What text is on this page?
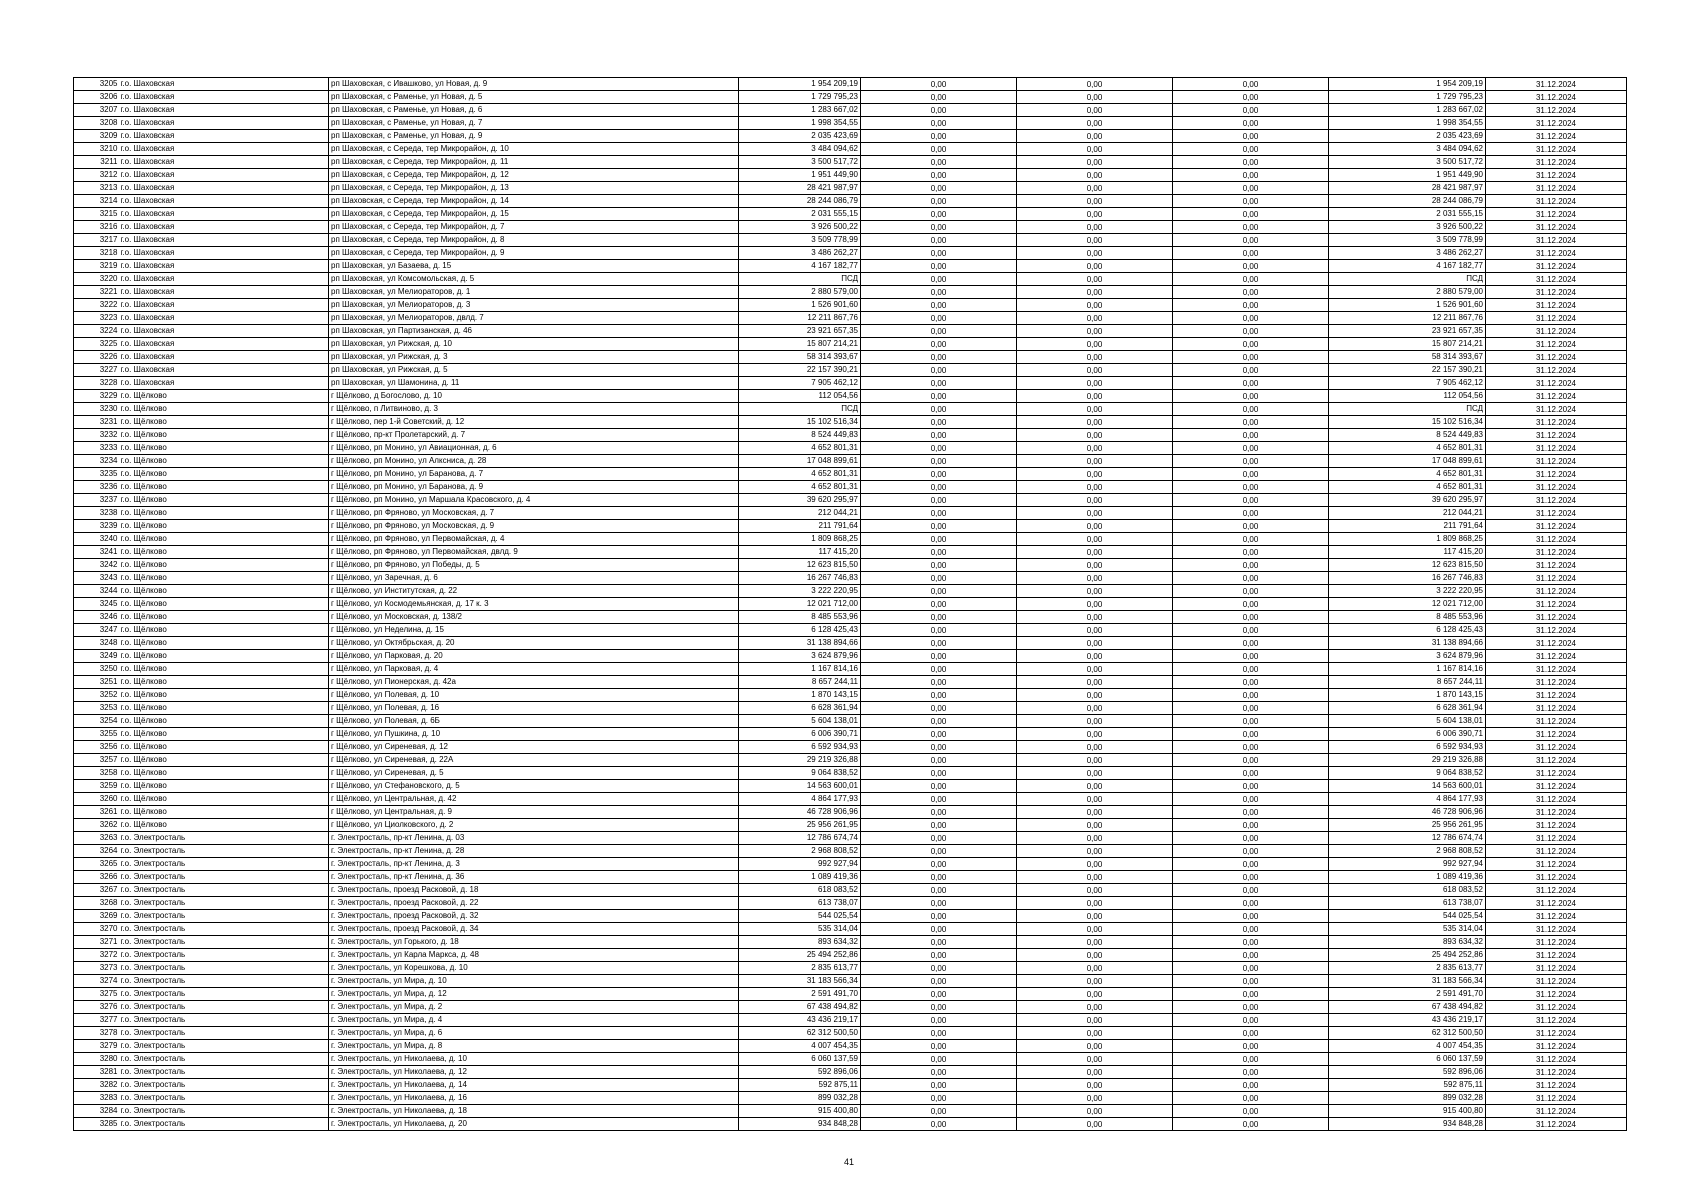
3205	г.о. Шаховская	рп Шаховская, с Ивашково, ул Новая, д. 9	1 954 209,19	0,00	0,00	0,00	1 954 209,19	31.12.2024
3206	г.о. Шаховская	рп Шаховская, с Раменье, ул Новая, д. 5	1 729 795,23	0,00	0,00	0,00	1 729 795,23	31.12.2024
3207	г.о. Шаховская	рп Шаховская, с Раменье, ул Новая, д. 6	1 283 667,02	0,00	0,00	0,00	1 283 667,02	31.12.2024
3208	г.о. Шаховская	рп Шаховская, с Раменье, ул Новая, д. 7	1 998 354,55	0,00	0,00	0,00	1 998 354,55	31.12.2024
3209	г.о. Шаховская	рп Шаховская, с Раменье, ул Новая, д. 9	2 035 423,69	0,00	0,00	0,00	2 035 423,69	31.12.2024
3210	г.о. Шаховская	рп Шаховская, с Середа, тер Микрорайон, д. 10	3 484 094,62	0,00	0,00	0,00	3 484 094,62	31.12.2024
3211	г.о. Шаховская	рп Шаховская, с Середа, тер Микрорайон, д. 11	3 500 517,72	0,00	0,00	0,00	3 500 517,72	31.12.2024
3212	г.о. Шаховская	рп Шаховская, с Середа, тер Микрорайон, д. 12	1 951 449,90	0,00	0,00	0,00	1 951 449,90	31.12.2024
3213	г.о. Шаховская	рп Шаховская, с Середа, тер Микрорайон, д. 13	28 421 987,97	0,00	0,00	0,00	28 421 987,97	31.12.2024
3214	г.о. Шаховская	рп Шаховская, с Середа, тер Микрорайон, д. 14	28 244 086,79	0,00	0,00	0,00	28 244 086,79	31.12.2024
3215	г.о. Шаховская	рп Шаховская, с Середа, тер Микрорайон, д. 15	2 031 555,15	0,00	0,00	0,00	2 031 555,15	31.12.2024
3216	г.о. Шаховская	рп Шаховская, с Середа, тер Микрорайон, д. 7	3 926 500,22	0,00	0,00	0,00	3 926 500,22	31.12.2024
3217	г.о. Шаховская	рп Шаховская, с Середа, тер Микрорайон, д. 8	3 509 778,99	0,00	0,00	0,00	3 509 778,99	31.12.2024
3218	г.о. Шаховская	рп Шаховская, с Середа, тер Микрорайон, д. 9	3 486 262,27	0,00	0,00	0,00	3 486 262,27	31.12.2024
3219	г.о. Шаховская	рп Шаховская, ул Базаева, д. 15	4 167 182,77	0,00	0,00	0,00	4 167 182,77	31.12.2024
3220	г.о. Шаховская	рп Шаховская, ул Комсомольская, д. 5	ПСД	0,00	0,00	0,00	ПСД	31.12.2024
3221	г.о. Шаховская	рп Шаховская, ул Мелиораторов, д. 1	2 880 579,00	0,00	0,00	0,00	2 880 579,00	31.12.2024
3222	г.о. Шаховская	рп Шаховская, ул Мелиораторов, д. 3	1 526 901,60	0,00	0,00	0,00	1 526 901,60	31.12.2024
3223	г.о. Шаховская	рп Шаховская, ул Мелиораторов, двлд. 7	12 211 867,76	0,00	0,00	0,00	12 211 867,76	31.12.2024
3224	г.о. Шаховская	рп Шаховская, ул Партизанская, д. 46	23 921 657,35	0,00	0,00	0,00	23 921 657,35	31.12.2024
3225	г.о. Шаховская	рп Шаховская, ул Рижская, д. 10	15 807 214,21	0,00	0,00	0,00	15 807 214,21	31.12.2024
3226	г.о. Шаховская	рп Шаховская, ул Рижская, д. 3	58 314 393,67	0,00	0,00	0,00	58 314 393,67	31.12.2024
3227	г.о. Шаховская	рп Шаховская, ул Рижская, д. 5	22 157 390,21	0,00	0,00	0,00	22 157 390,21	31.12.2024
3228	г.о. Шаховская	рп Шаховская, ул Шамонина, д. 11	7 905 462,12	0,00	0,00	0,00	7 905 462,12	31.12.2024
3229	г.о. Щёлково	г Щёлково, д Богослово, д. 10	112 054,56	0,00	0,00	0,00	112 054,56	31.12.2024
3230	г.о. Щёлково	г Щёлково, п Литвиново, д. 3	ПСД	0,00	0,00	0,00	ПСД	31.12.2024
3231	г.о. Щёлково	г Щёлково, пер 1-й Советский, д. 12	15 102 516,34	0,00	0,00	0,00	15 102 516,34	31.12.2024
3232	г.о. Щёлково	г Щёлково, пр-кт Пролетарский, д. 7	8 524 449,83	0,00	0,00	0,00	8 524 449,83	31.12.2024
3233	г.о. Щёлково	г Щёлково, рп Монино, ул Авиационная, д. 6	4 652 801,31	0,00	0,00	0,00	4 652 801,31	31.12.2024
3234	г.о. Щёлково	г Щёлково, рп Монино, ул Алксниса, д. 28	17 048 899,61	0,00	0,00	0,00	17 048 899,61	31.12.2024
3235	г.о. Щёлково	г Щёлково, рп Монино, ул Баранова, д. 7	4 652 801,31	0,00	0,00	0,00	4 652 801,31	31.12.2024
3236	г.о. Щёлково	г Щёлково, рп Монино, ул Баранова, д. 9	4 652 801,31	0,00	0,00	0,00	4 652 801,31	31.12.2024
3237	г.о. Щёлково	г Щёлково, рп Монино, ул Маршала Красовского, д. 4	39 620 295,97	0,00	0,00	0,00	39 620 295,97	31.12.2024
3238	г.о. Щёлково	г Щёлково, рп Фряново, ул Московская, д. 7	212 044,21	0,00	0,00	0,00	212 044,21	31.12.2024
3239	г.о. Щёлково	г Щёлково, рп Фряново, ул Московская, д. 9	211 791,64	0,00	0,00	0,00	211 791,64	31.12.2024
3240	г.о. Щёлково	г Щёлково, рп Фряново, ул Первомайская, д. 4	1 809 868,25	0,00	0,00	0,00	1 809 868,25	31.12.2024
3241	г.о. Щёлково	г Щёлково, рп Фряново, ул Первомайская, двлд. 9	117 415,20	0,00	0,00	0,00	117 415,20	31.12.2024
3242	г.о. Щёлково	г Щёлково, рп Фряново, ул Победы, д. 5	12 623 815,50	0,00	0,00	0,00	12 623 815,50	31.12.2024
3243	г.о. Щёлково	г Щёлково, ул Заречная, д. 6	16 267 746,83	0,00	0,00	0,00	16 267 746,83	31.12.2024
3244	г.о. Щёлково	г Щёлково, ул Институтская, д. 22	3 222 220,95	0,00	0,00	0,00	3 222 220,95	31.12.2024
3245	г.о. Щёлково	г Щёлково, ул Космодемьянская, д. 17 к. 3	12 021 712,00	0,00	0,00	0,00	12 021 712,00	31.12.2024
3246	г.о. Щёлково	г Щёлково, ул Московская, д. 138/2	8 485 553,96	0,00	0,00	0,00	8 485 553,96	31.12.2024
3247	г.о. Щёлково	г Щёлково, ул Неделина, д. 15	6 128 425,43	0,00	0,00	0,00	6 128 425,43	31.12.2024
3248	г.о. Щёлково	г Щёлково, ул Октябрьская, д. 20	31 138 894,66	0,00	0,00	0,00	31 138 894,66	31.12.2024
3249	г.о. Щёлково	г Щёлково, ул Парковая, д. 20	3 624 879,96	0,00	0,00	0,00	3 624 879,96	31.12.2024
3250	г.о. Щёлково	г Щёлково, ул Парковая, д. 4	1 167 814,16	0,00	0,00	0,00	1 167 814,16	31.12.2024
3251	г.о. Щёлково	г Щёлково, ул Пионерская, д. 42а	8 657 244,11	0,00	0,00	0,00	8 657 244,11	31.12.2024
3252	г.о. Щёлково	г Щёлково, ул Полевая, д. 10	1 870 143,15	0,00	0,00	0,00	1 870 143,15	31.12.2024
3253	г.о. Щёлково	г Щёлково, ул Полевая, д. 16	6 628 361,94	0,00	0,00	0,00	6 628 361,94	31.12.2024
3254	г.о. Щёлково	г Щёлково, ул Полевая, д. 6Б	5 604 138,01	0,00	0,00	0,00	5 604 138,01	31.12.2024
3255	г.о. Щёлково	г Щёлково, ул Пушкина, д. 10	6 006 390,71	0,00	0,00	0,00	6 006 390,71	31.12.2024
3256	г.о. Щёлково	г Щёлково, ул Сиреневая, д. 12	6 592 934,93	0,00	0,00	0,00	6 592 934,93	31.12.2024
3257	г.о. Щёлково	г Щёлково, ул Сиреневая, д. 22А	29 219 326,88	0,00	0,00	0,00	29 219 326,88	31.12.2024
3258	г.о. Щёлково	г Щёлково, ул Сиреневая, д. 5	9 064 838,52	0,00	0,00	0,00	9 064 838,52	31.12.2024
3259	г.о. Щёлково	г Щёлково, ул Стефановского, д. 5	14 563 600,01	0,00	0,00	0,00	14 563 600,01	31.12.2024
3260	г.о. Щёлково	г Щёлково, ул Центральная, д. 42	4 864 177,93	0,00	0,00	0,00	4 864 177,93	31.12.2024
3261	г.о. Щёлково	г Щёлково, ул Центральная, д. 9	46 728 906,96	0,00	0,00	0,00	46 728 906,96	31.12.2024
3262	г.о. Щёлково	г Щёлково, ул Циолковского, д. 2	25 956 261,95	0,00	0,00	0,00	25 956 261,95	31.12.2024
3263	г.о. Электросталь	г. Электросталь, пр-кт Ленина, д. 03	12 786 674,74	0,00	0,00	0,00	12 786 674,74	31.12.2024
3264	г.о. Электросталь	г. Электросталь, пр-кт Ленина, д. 28	2 968 808,52	0,00	0,00	0,00	2 968 808,52	31.12.2024
3265	г.о. Электросталь	г. Электросталь, пр-кт Ленина, д. 3	992 927,94	0,00	0,00	0,00	992 927,94	31.12.2024
3266	г.о. Электросталь	г. Электросталь, пр-кт Ленина, д. 36	1 089 419,36	0,00	0,00	0,00	1 089 419,36	31.12.2024
3267	г.о. Электросталь	г. Электросталь, проезд Расковой, д. 18	618 083,52	0,00	0,00	0,00	618 083,52	31.12.2024
3268	г.о. Электросталь	г. Электросталь, проезд Расковой, д. 22	613 738,07	0,00	0,00	0,00	613 738,07	31.12.2024
3269	г.о. Электросталь	г. Электросталь, проезд Расковой, д. 32	544 025,54	0,00	0,00	0,00	544 025,54	31.12.2024
3270	г.о. Электросталь	г. Электросталь, проезд Расковой, д. 34	535 314,04	0,00	0,00	0,00	535 314,04	31.12.2024
3271	г.о. Электросталь	г. Электросталь, ул Горького, д. 18	893 634,32	0,00	0,00	0,00	893 634,32	31.12.2024
3272	г.о. Электросталь	г. Электросталь, ул Карла Маркса, д. 48	25 494 252,86	0,00	0,00	0,00	25 494 252,86	31.12.2024
3273	г.о. Электросталь	г. Электросталь, ул Корешкова, д. 10	2 835 613,77	0,00	0,00	0,00	2 835 613,77	31.12.2024
3274	г.о. Электросталь	г. Электросталь, ул Мира, д. 10	31 183 566,34	0,00	0,00	0,00	31 183 566,34	31.12.2024
3275	г.о. Электросталь	г. Электросталь, ул Мира, д. 12	2 591 491,70	0,00	0,00	0,00	2 591 491,70	31.12.2024
3276	г.о. Электросталь	г. Электросталь, ул Мира, д. 2	67 438 494,82	0,00	0,00	0,00	67 438 494,82	31.12.2024
3277	г.о. Электросталь	г. Электросталь, ул Мира, д. 4	43 436 219,17	0,00	0,00	0,00	43 436 219,17	31.12.2024
3278	г.о. Электросталь	г. Электросталь, ул Мира, д. 6	62 312 500,50	0,00	0,00	0,00	62 312 500,50	31.12.2024
3279	г.о. Электросталь	г. Электросталь, ул Мира, д. 8	4 007 454,35	0,00	0,00	0,00	4 007 454,35	31.12.2024
3280	г.о. Электросталь	г. Электросталь, ул Николаева, д. 10	6 060 137,59	0,00	0,00	0,00	6 060 137,59	31.12.2024
3281	г.о. Электросталь	г. Электросталь, ул Николаева, д. 12	592 896,06	0,00	0,00	0,00	592 896,06	31.12.2024
3282	г.о. Электросталь	г. Электросталь, ул Николаева, д. 14	592 875,11	0,00	0,00	0,00	592 875,11	31.12.2024
3283	г.о. Электросталь	г. Электросталь, ул Николаева, д. 16	899 032,28	0,00	0,00	0,00	899 032,28	31.12.2024
3284	г.о. Электросталь	г. Электросталь, ул Николаева, д. 18	915 400,80	0,00	0,00	0,00	915 400,80	31.12.2024
3285	г.о. Электросталь	г. Электросталь, ул Николаева, д. 20	934 848,28	0,00	0,00	0,00	934 848,28	31.12.2024
41
